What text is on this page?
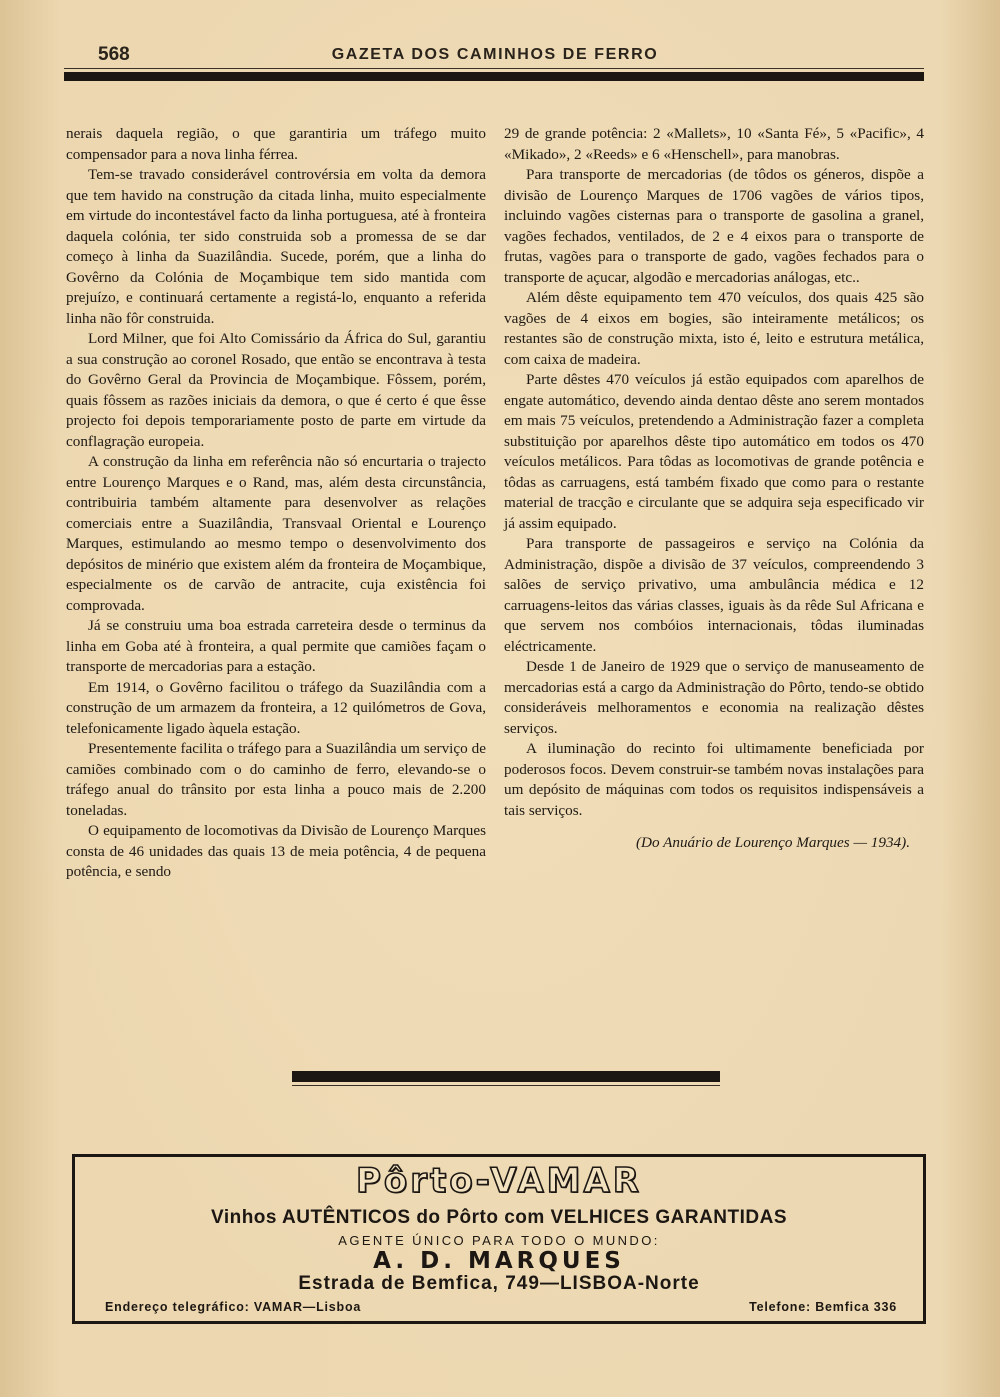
568	GAZETA DOS CAMINHOS DE FERRO

nerais daquela região, o que garantiria um tráfego muito compensador para a nova linha férrea.

Tem-se travado considerável controvérsia em volta da demora que tem havido na construção da citada linha, muito especialmente em virtude do incontestável facto da linha portuguesa, até à fronteira daquela colónia, ter sido construida sob a promessa de se dar começo à linha da Suazilândia. Sucede, porém, que a linha do Govêrno da Colónia de Moçambique tem sido mantida com prejuízo, e continuará certamente a registá-lo, enquanto a referida linha não fôr construida.

Lord Milner, que foi Alto Comissário da África do Sul, garantiu a sua construção ao coronel Rosado, que então se encontrava à testa do Govêrno Geral da Provincia de Moçambique. Fôssem, porém, quais fôssem as razões iniciais da demora, o que é certo é que êsse projecto foi depois temporariamente posto de parte em virtude da conflagração europeia.

A construção da linha em referência não só encurtaria o trajecto entre Lourenço Marques e o Rand, mas, além desta circunstância, contribuiria também altamente para desenvolver as relações comerciais entre a Suazilândia, Transvaal Oriental e Lourenço Marques, estimulando ao mesmo tempo o desenvolvimento dos depósitos de minério que existem além da fronteira de Moçambique, especialmente os de carvão de antracite, cuja existência foi comprovada.

Já se construiu uma boa estrada carreteira desde o terminus da linha em Goba até à fronteira, a qual permite que camiões façam o transporte de mercadorias para a estação.

Em 1914, o Govêrno facilitou o tráfego da Suazilândia com a construção de um armazem da fronteira, a 12 quilómetros de Gova, telefonicamente ligado àquela estação.

Presentemente facilita o tráfego para a Suazilândia um serviço de camiões combinado com o do caminho de ferro, elevando-se o tráfego anual do trânsito por esta linha a pouco mais de 2.200 toneladas.

O equipamento de locomotivas da Divisão de Lourenço Marques consta de 46 unidades das quais 13 de meia potência, 4 de pequena potência, e sendo

29 de grande potência: 2 «Mallets», 10 «Santa Fé», 5 «Pacific», 4 «Mikado», 2 «Reeds» e 6 «Henschell», para manobras.

Para transporte de mercadorias (de tôdos os géneros, dispõe a divisão de Lourenço Marques de 1706 vagões de vários tipos, incluindo vagões cisternas para o transporte de gasolina a granel, vagões fechados, ventilados, de 2 e 4 eixos para o transporte de frutas, vagões para o transporte de gado, vagões fechados para o transporte de açucar, algodão e mercadorias análogas, etc..

Além dêste equipamento tem 470 veículos, dos quais 425 são vagões de 4 eixos em bogies, são inteiramente metálicos; os restantes são de construção mixta, isto é, leito e estrutura metálica, com caixa de madeira.

Parte dêstes 470 veículos já estão equipados com aparelhos de engate automático, devendo ainda dentao dêste ano serem montados em mais 75 veículos, pretendendo a Administração fazer a completa substituição por aparelhos dêste tipo automático em todos os 470 veículos metálicos. Para tôdas as locomotivas de grande potência e tôdas as carruagens, está também fixado que como para o restante material de tracção e circulante que se adquira seja especificado vir já assim equipado.

Para transporte de passageiros e serviço na Colónia da Administração, dispõe a divisão de 37 veículos, compreendendo 3 salões de serviço privativo, uma ambulância médica e 12 carruagens-leitos das várias classes, iguais às da rêde Sul Africana e que servem nos combóios internacionais, tôdas iluminadas eléctricamente.

Desde 1 de Janeiro de 1929 que o serviço de manuseamento de mercadorias está a cargo da Administração do Pôrto, tendo-se obtido consideráveis melhoramentos e economia na realização dêstes serviços.

A iluminação do recinto foi ultimamente beneficiada por poderosos focos. Devem construir-se também novas instalações para um depósito de máquinas com todos os requisitos indispensáveis a tais serviços.

(Do Anuário de Lourenço Marques — 1934).

Pôrto-VAMAR
Vinhos AUTÊNTICOS do Pôrto com VELHICES GARANTIDAS
AGENTE ÚNICO PARA TODO O MUNDO:
A. D. MARQUES
Estrada de Bemfica, 749—LISBOA-Norte
Endereço telegráfico: VAMAR—Lisboa	Telefone: Bemfica 336
